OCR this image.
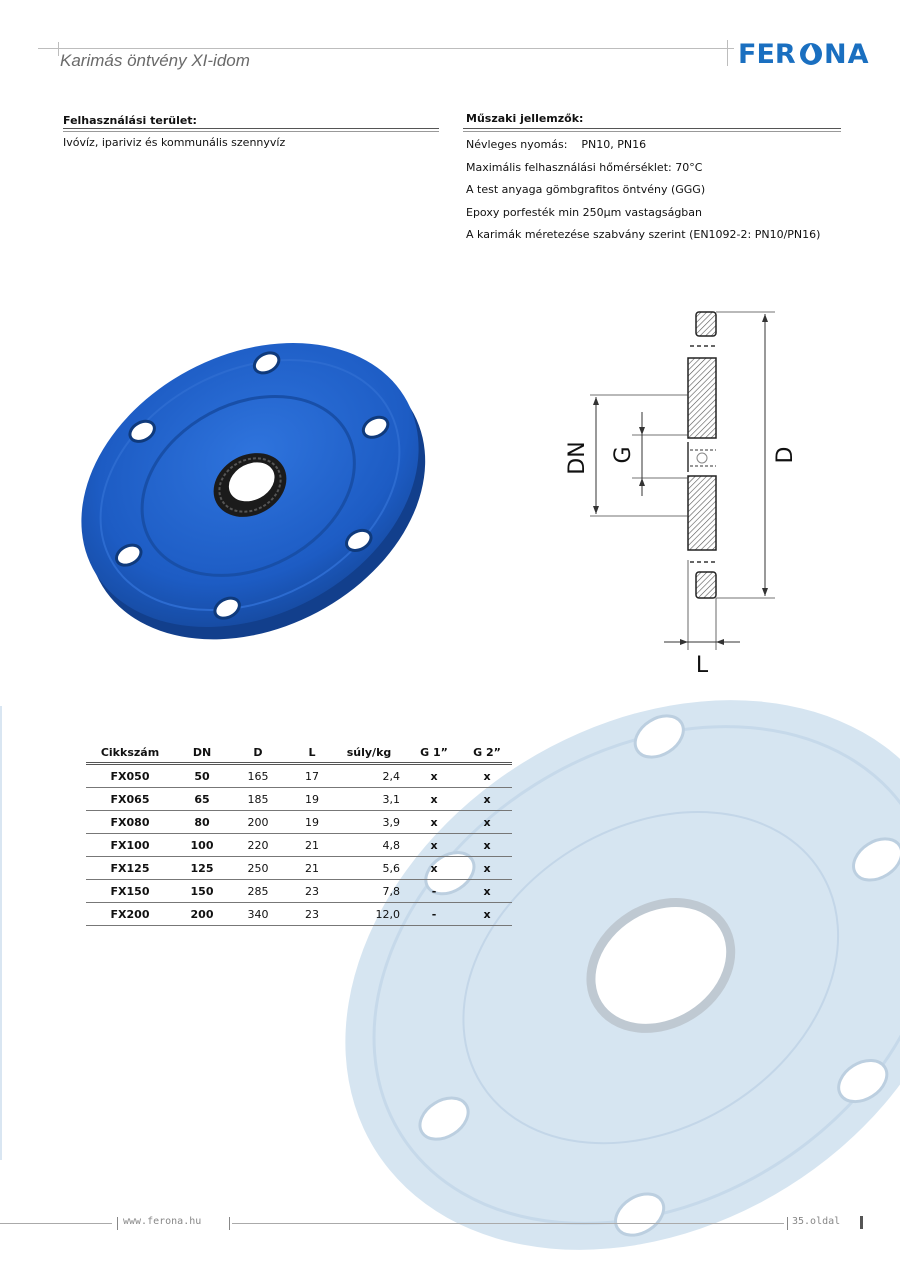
Karimás öntvény XI-idom	FER NA
Felhasználási terület:
Ivóvíz, ipariviz és kommunális szennyvíz
Műszaki jellemzők:
Névleges nyomás: PN10, PN16
Maximális felhasználási hőmérséklet: 70°C
A test anyaga gömbgrafitos öntvény (GGG)
Epoxy porfesték min 250µm vastagságban
A karimák méretezése szabvány szerint (EN1092-2: PN10/PN16)
DN G	D
L
Cikkszám	DN	D	L	súly/kg	G 1”	G 2”
FX050	50	165	17	2,4	x	x
FX065	65	185	19	3,1	x	x
FX080	80	200	19	3,9	x	x
FX100	100	220	21	4,8	x	x
FX125	125	250	21	5,6	x	x
FX150	150	285	23	7,8	-	x
FX200	200	340	23	12,0	-	x
www.ferona.hu	35.oldal
